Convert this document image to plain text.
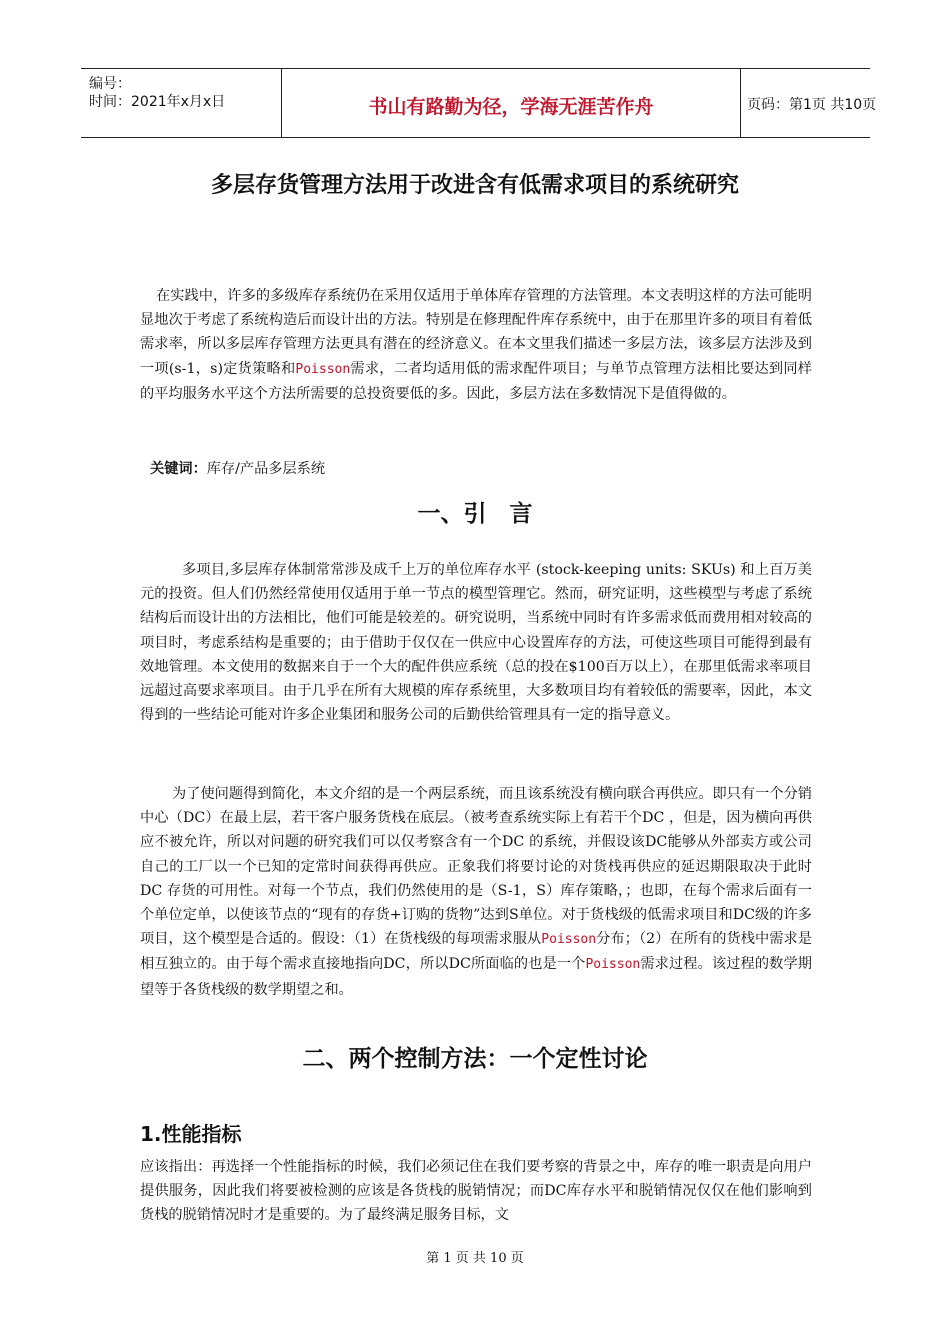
编号：
时间：2021年x月x日	书山有路勤为径，学海无涯苦作舟	页码：第1页 共10页
多层存货管理方法用于改进含有低需求项目的系统研究

在实践中，许多的多级库存系统仍在采用仅适用于单体库存管理的方法管理。本文表明这样的方法可能明显地次于考虑了系统构造后而设计出的方法。特别是在修理配件库存系统中，由于在那里许多的项目有着低需求率，所以多层库存管理方法更具有潜在的经济意义。在本文里我们描述一多层方法，该多层方法涉及到一项(s-1，s)定货策略和Poisson需求，二者均适用低的需求配件项目；与单节点管理方法相比要达到同样的平均服务水平这个方法所需要的总投资要低的多。因此，多层方法在多数情况下是值得做的。

关键词：库存/产品多层系统
一、引　言

多项目,多层库存体制常常涉及成千上万的单位库存水平 (stock-keeping units: SKUs) 和上百万美元的投资。但人们仍然经常使用仅适用于单一节点的模型管理它。然而，研究证明，这些模型与考虑了系统结构后而设计出的方法相比，他们可能是较差的。研究说明，当系统中同时有许多需求低而费用相对较高的项目时，考虑系结构是重要的；由于借助于仅仅在一供应中心设置库存的方法，可使这些项目可能得到最有效地管理。本文使用的数据来自于一个大的配件供应系统（总的投在$100百万以上），在那里低需求率项目远超过高要求率项目。由于几乎在所有大规模的库存系统里，大多数项目均有着较低的需要率，因此，本文得到的一些结论可能对许多企业集团和服务公司的后勤供给管理具有一定的指导意义。

为了使问题得到简化，本文介绍的是一个两层系统，而且该系统没有横向联合再供应。即只有一个分销中心（DC）在最上层，若干客户服务货栈在底层。（被考查系统实际上有若干个DC ，但是，因为横向再供应不被允许，所以对问题的研究我们可以仅考察含有一个DC 的系统，并假设该DC能够从外部卖方或公司自己的工厂以一个已知的定常时间获得再供应。正象我们将要讨论的对货栈再供应的延迟期限取决于此时DC 存货的可用性。对每一个节点，我们仍然使用的是（S-1，S）库存策略，；也即，在每个需求后面有一个单位定单，以使该节点的“现有的存货+订购的货物”达到S单位。对于货栈级的低需求项目和DC级的许多项目，这个模型是合适的。假设：（1）在货栈级的每项需求服从Poisson分布；（2）在所有的货栈中需求是相互独立的。由于每个需求直接地指向DC，所以DC所面临的也是一个Poisson需求过程。该过程的数学期望等于各货栈级的数学期望之和。

二、两个控制方法：一个定性讨论
1.性能指标

应该指出：再选择一个性能指标的时候，我们必须记住在我们要考察的背景之中，库存的唯一职责是向用户提供服务，因此我们将要被检测的应该是各货栈的脱销情况；而DC库存水平和脱销情况仅仅在他们影响到货栈的脱销情况时才是重要的。为了最终满足服务目标，文

第 1 页 共 10 页
